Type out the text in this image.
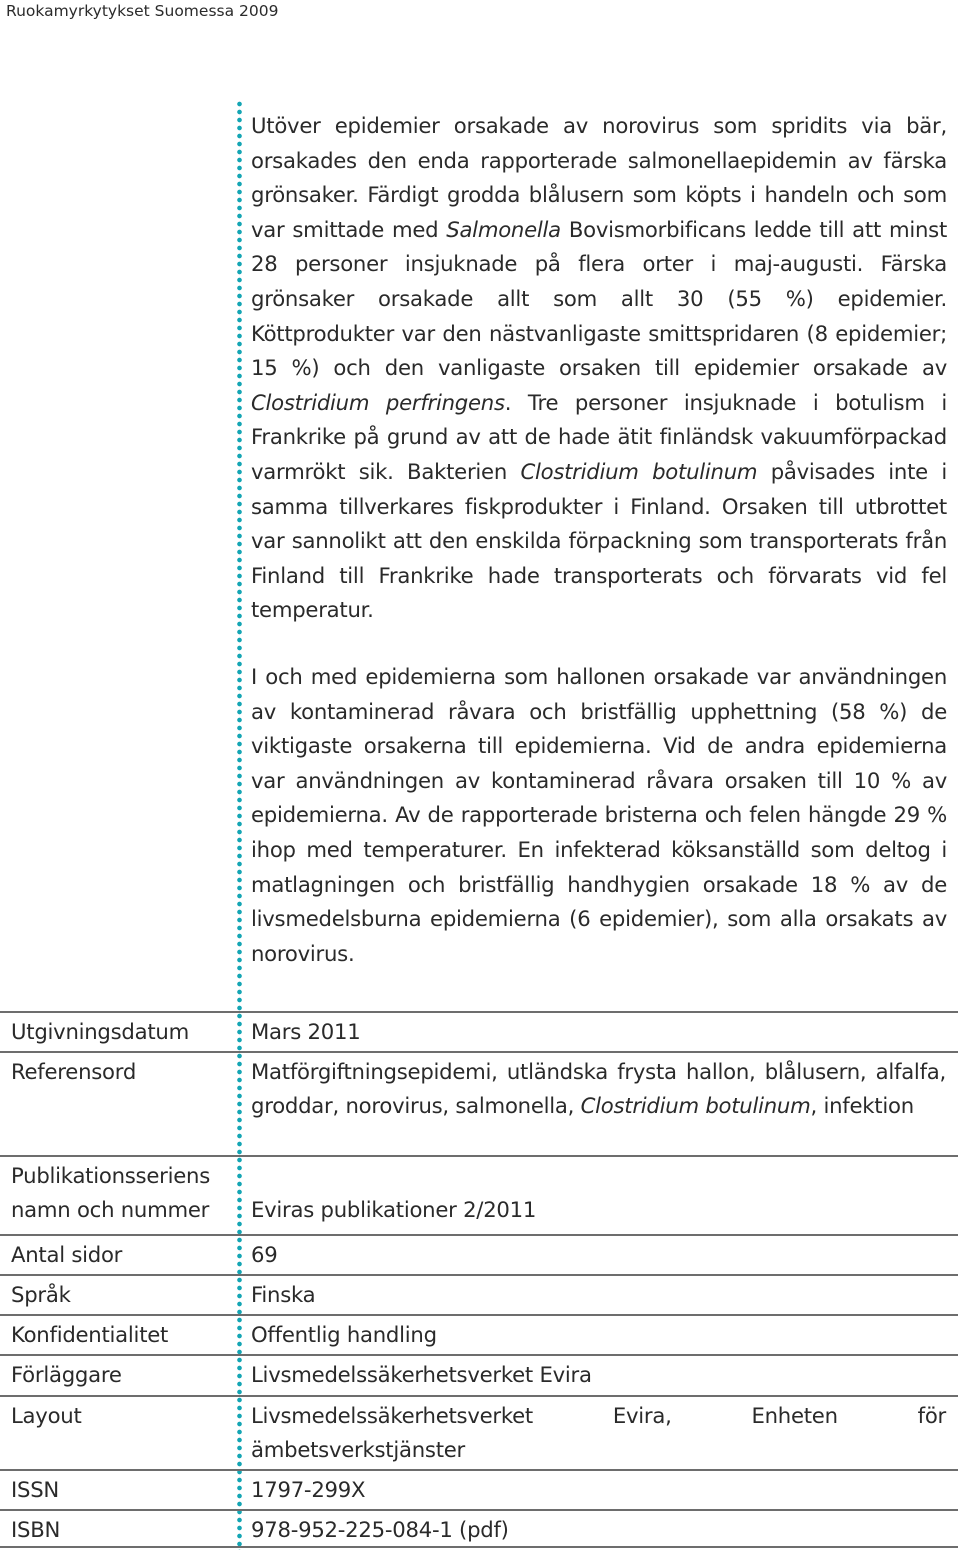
Ruokamyrkytykset Suomessa 2009

Utöver epidemier orsakade av norovirus som spridits via bär, orsakades den enda rapporterade salmonellaepidemin av färska grönsaker. Färdigt grodda blålusern som köpts i handeln och som var smittade med Salmonella Bovismorbificans ledde till att minst 28 personer insjuknade på flera orter i maj-augusti. Färska grönsaker orsakade allt som allt 30 (55 %) epidemier. Köttprodukter var den nästvanligaste smittspridaren (8 epidemier; 15 %) och den vanligaste orsaken till epidemier orsakade av Clostridium perfringens. Tre personer insjuknade i botulism i Frankrike på grund av att de hade ätit finländsk vakuumförpackad varmrökt sik. Bakterien Clostridium botulinum påvisades inte i samma tillverkares fiskprodukter i Finland. Orsaken till utbrottet var sannolikt att den enskilda förpackning som transporterats från Finland till Frankrike hade transporterats och förvarats vid fel temperatur.

I och med epidemierna som hallonen orsakade var användningen av kontaminerad råvara och bristfällig upphettning (58 %) de viktigaste orsakerna till epidemierna. Vid de andra epidemierna var användningen av kontaminerad råvara orsaken till 10 % av epidemierna. Av de rapporterade bristerna och felen hängde 29 % ihop med temperaturer. En infekterad köksanställd som deltog i matlagningen och bristfällig handhygien orsakade 18 % av de livsmedelsburna epidemierna (6 epidemier), som alla orsakats av norovirus.

Utgivningsdatum	Mars 2011
Referensord	Matförgiftningsepidemi, utländska frysta hallon, blålusern, alfalfa, groddar, norovirus, salmonella, Clostridium botulinum, infektion
Publikationsseriens
namn och nummer	Eviras publikationer 2/2011
Antal sidor	69
Språk	Finska
Konfidentialitet	Offentlig handling
Förläggare	Livsmedelssäkerhetsverket Evira
Layout	Livsmedelssäkerhetsverket Evira, Enheten för ämbetsverkstjänster
ISSN	1797-299X
ISBN	978-952-225-084-1 (pdf)
